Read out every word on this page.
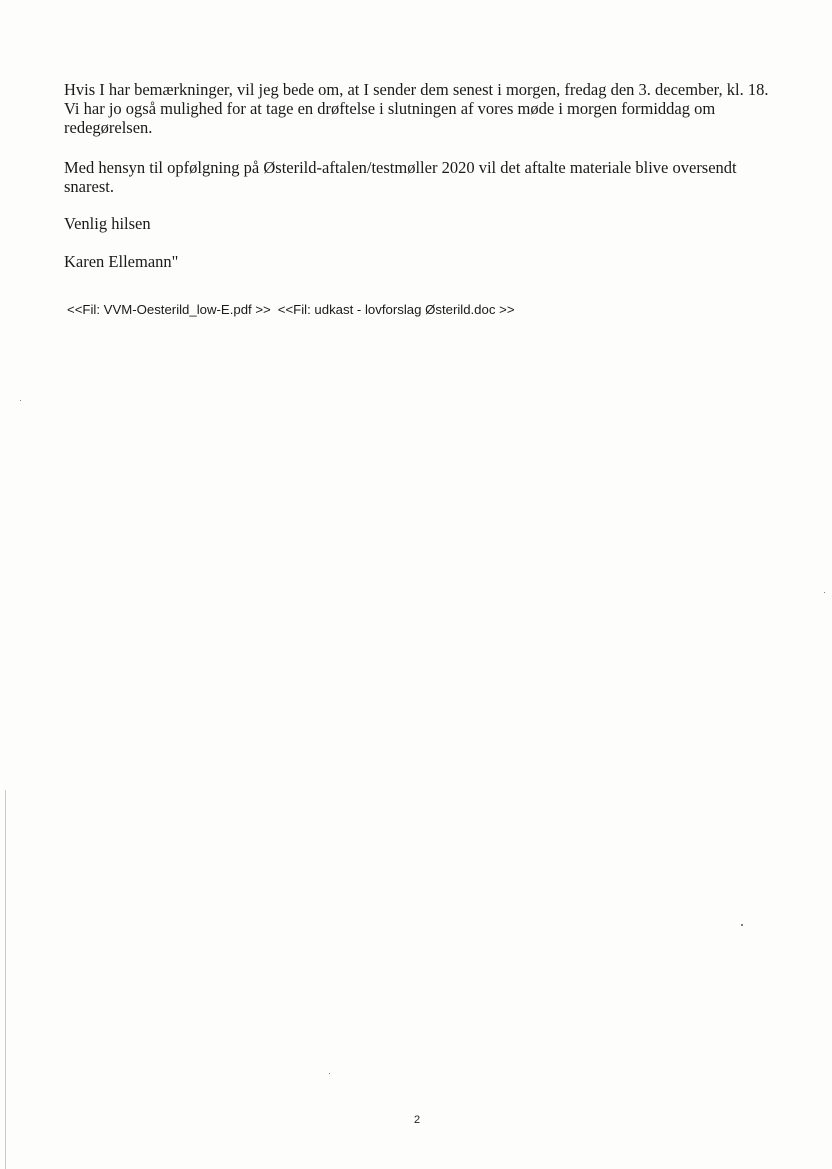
Hvis I har bemærkninger, vil jeg bede om, at I sender dem senest i morgen, fredag den 3. december, kl. 18.
Vi har jo også mulighed for at tage en drøftelse i slutningen af vores møde i morgen formiddag om
redegørelsen.

Med hensyn til opfølgning på Østerild-aftalen/testmøller 2020 vil det aftalte materiale blive oversendt
snarest.

Venlig hilsen

Karen Ellemann"

<<Fil: VVM-Oesterild_low-E.pdf >> <<Fil: udkast - lovforslag Østerild.doc >>
2
